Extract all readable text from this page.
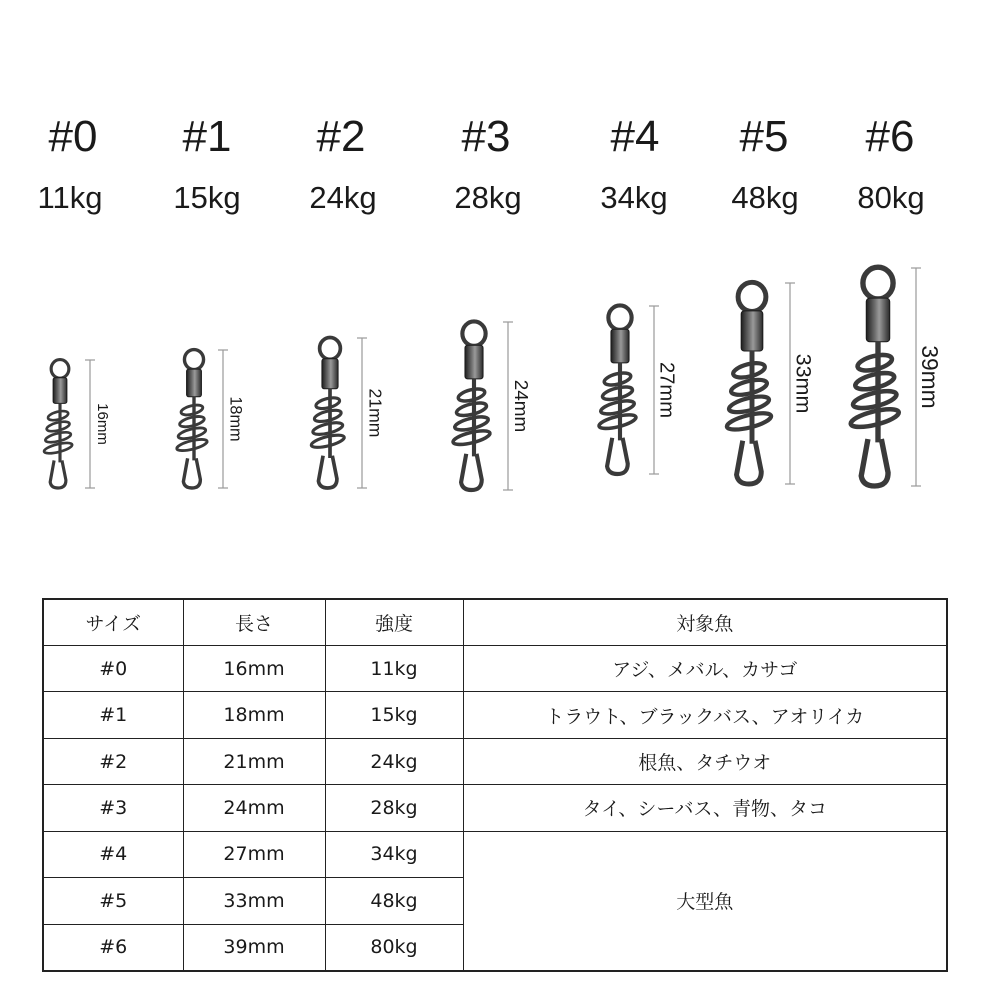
#0	#1	#2	#3	#4	#5	#6
11kg	15kg	24kg	28kg	34kg	48kg	80kg
16mm	18mm	21mm	24mm	27mm	33mm	39mm
サイズ	長さ	強度	対象魚
#0	16mm	11kg	アジ、メバル、カサゴ
#1	18mm	15kg	トラウト、ブラックバス、アオリイカ
#2	21mm	24kg	根魚、タチウオ
#3	24mm	28kg	タイ、シーバス、青物、タコ
#4	27mm	34kg	大型魚
#5	33mm	48kg	
#6	39mm	80kg	
